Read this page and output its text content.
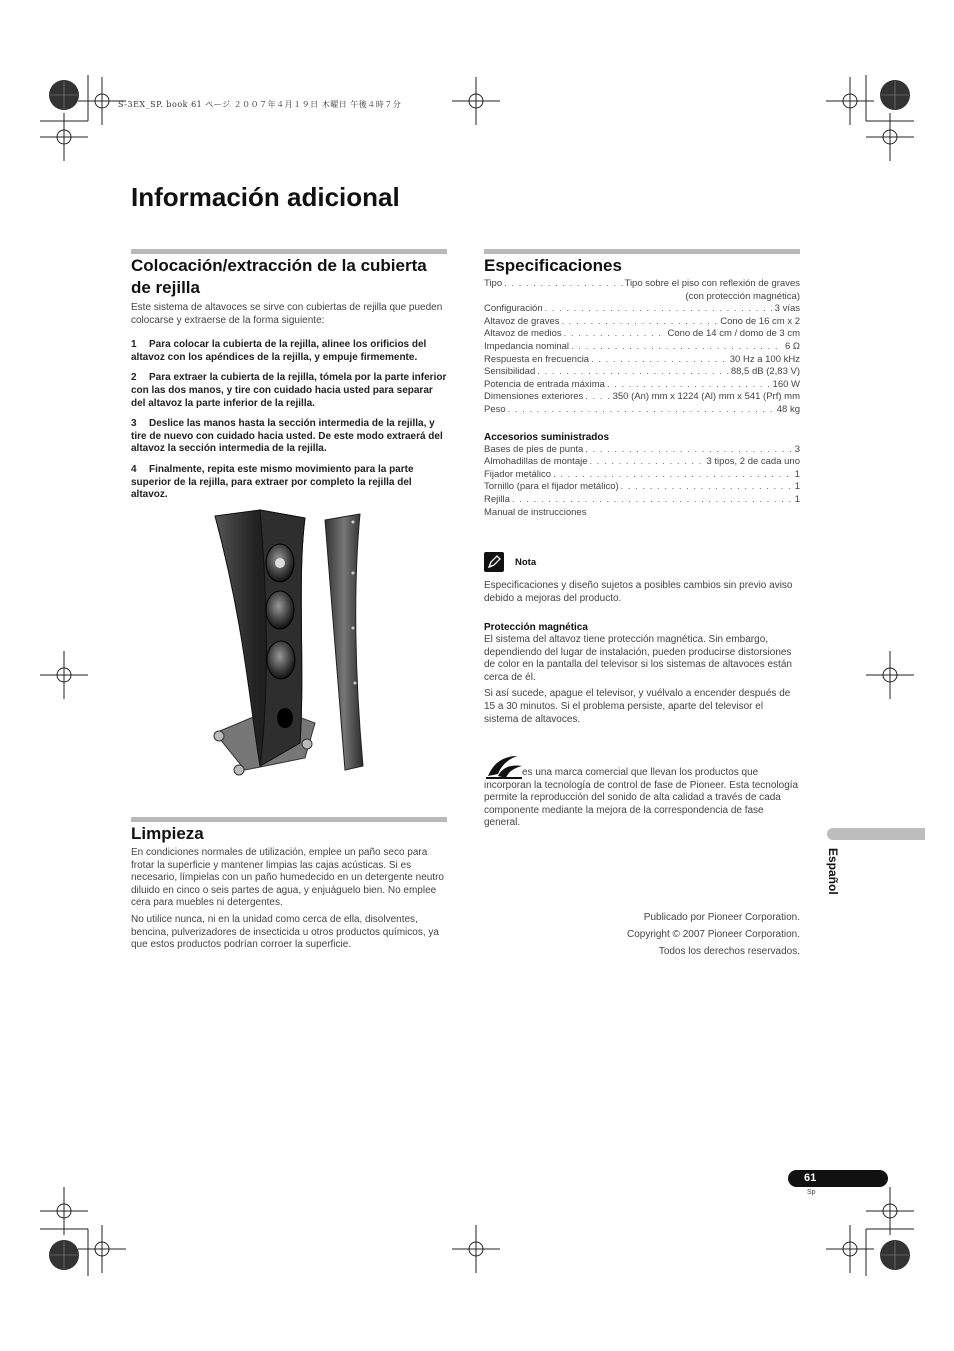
S-3EX_SP. book 61 ページ ２００７年４月１９日 木曜日 午後４時７分
Información adicional
Colocación/extracción de la cubierta de rejilla

Este sistema de altavoces se sirve con cubiertas de rejilla que pueden colocarse y extraerse de la forma siguiente:

1 Para colocar la cubierta de la rejilla, alinee los orificios del altavoz con los apéndices de la rejilla, y empuje firmemente.

2 Para extraer la cubierta de la rejilla, tómela por la parte inferior con las dos manos, y tire con cuidado hacia usted para separar del altavoz la parte inferior de la rejilla.

3 Deslice las manos hasta la sección intermedia de la rejilla, y tire de nuevo con cuidado hacia usted. De este modo extraerá del altavoz la sección intermedia de la rejilla.

4 Finalmente, repita este mismo movimiento para la parte superior de la rejilla, para extraer por completo la rejilla del altavoz.

Limpieza

En condiciones normales de utilización, emplee un paño seco para frotar la superficie y mantener limpias las cajas acústicas. Si es necesario, límpielas con un paño humedecido en un detergente neutro diluido en cinco o seis partes de agua, y enjuáguelo bien. No emplee cera para muebles ni detergentes.

No utilice nunca, ni en la unidad como cerca de ella, disolventes, bencina, pulverizadores de insecticida u otros productos químicos, ya que estos productos podrían corroer la superficie.

Especificaciones
Tipo . . .	Tipo sobre el piso con reflexión de graves
(con protección magnética)
Configuración . . .	3 vías
Altavoz de graves . . .	Cono de 16 cm x 2
Altavoz de medios . . .	Cono de 14 cm / domo de 3 cm
Impedancia nominal . . .	6 Ω
Respuesta en frecuencia . . .	30 Hz a 100 kHz
Sensibilidad . . .	88,5 dB (2,83 V)
Potencia de entrada máxima . . .	160 W
Dimensiones exteriores . . .	350 (An) mm x 1224 (Al) mm x 541 (Prf) mm
Peso . . .	48 kg

Accesorios suministrados

Bases de pies de punta . . .	3
Almohadillas de montaje . . .	3 tipos, 2 de cada uno
Fijador metálico . . .	1
Tornillo (para el fijador metálico) . . .	1
Rejilla . . .	1
Manual de instrucciones
Nota

Especificaciones y diseño sujetos a posibles cambios sin previo aviso debido a mejoras del producto.

Protección magnética

El sistema del altavoz tiene protección magnética. Sin embargo, dependiendo del lugar de instalación, pueden producirse distorsiones de color en la pantalla del televisor si los sistemas de altavoces están cerca de él.

Si así sucede, apague el televisor, y vuélvalo a encender después de 15 a 30 minutos. Si el problema persiste, aparte del televisor el sistema de altavoces.

es una marca comercial que llevan los productos que incorporan la tecnología de control de fase de Pioneer. Esta tecnología permite la reproducción del sonido de alta calidad a través de cada componente mediante la mejora de la correspondencia de fase general.

Publicado por Pioneer Corporation.
Copyright © 2007 Pioneer Corporation.
Todos los derechos reservados.
Español
61
Sp
